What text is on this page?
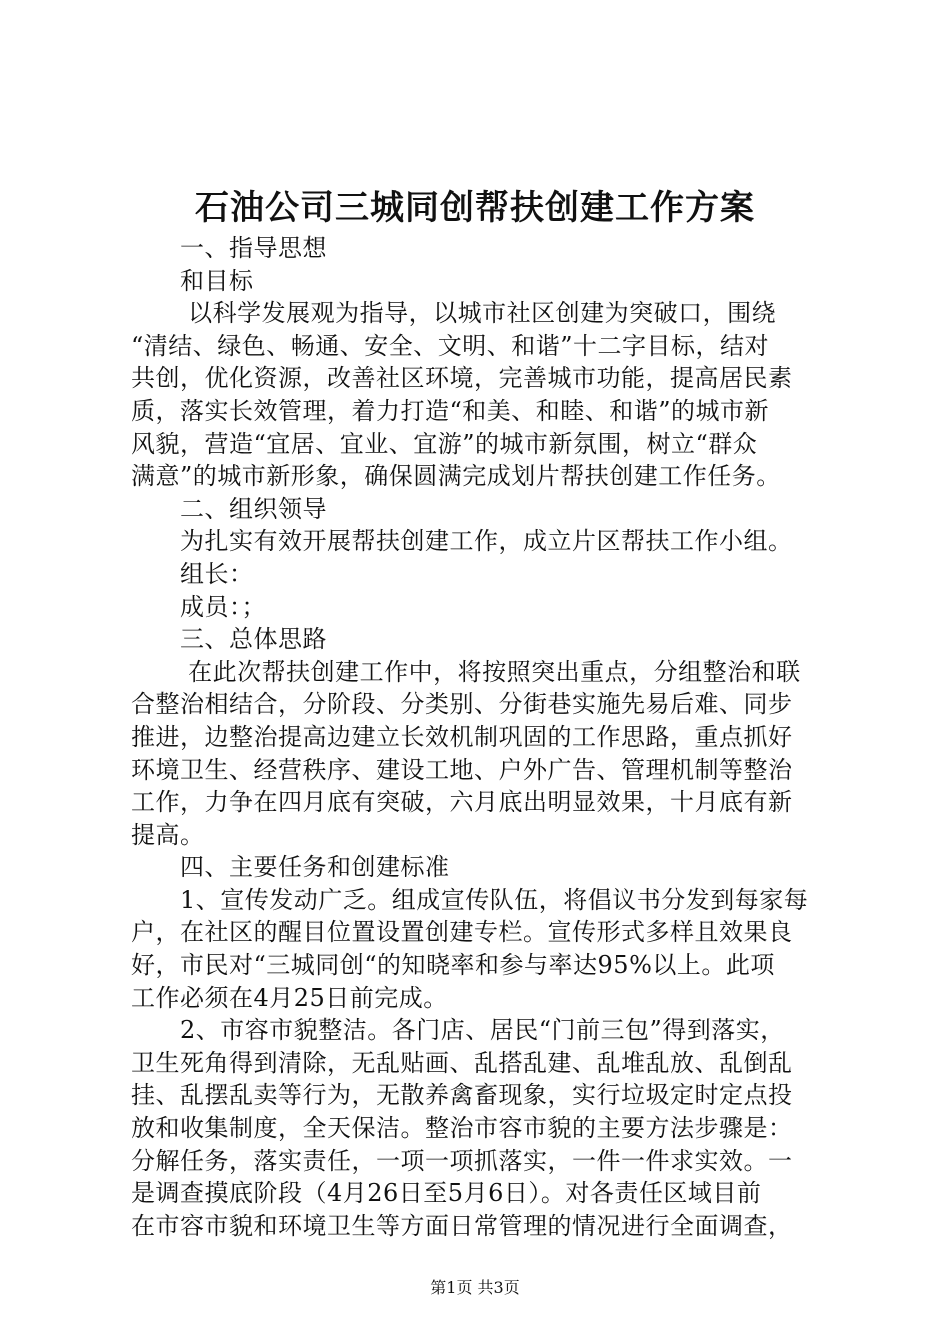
石油公司三城同创帮扶创建工作方案
　　一、指导思想
　　和目标
　　 以科学发展观为指导，以城市社区创建为突破口，围绕
“清结、绿色、畅通、安全、文明、和谐”十二字目标，结对
共创，优化资源，改善社区环境，完善城市功能，提高居民素
质，落实长效管理，着力打造“和美、和睦、和谐”的城市新
风貌，营造“宜居、宜业、宜游”的城市新氛围，树立“群众
满意”的城市新形象，确保圆满完成划片帮扶创建工作任务。
　　二、组织领导
　　为扎实有效开展帮扶创建工作，成立片区帮扶工作小组。
　　组长：
　　成员：；
　　三、总体思路
　　 在此次帮扶创建工作中，将按照突出重点，分组整治和联
合整治相结合，分阶段、分类别、分街巷实施先易后难、同步
推进，边整治提高边建立长效机制巩固的工作思路，重点抓好
环境卫生、经营秩序、建设工地、户外广告、管理机制等整治
工作，力争在四月底有突破，六月底出明显效果，十月底有新
提高。
　　四、主要任务和创建标准
　　1、宣传发动广乏。组成宣传队伍，将倡议书分发到每家每
户，在社区的醒目位置设置创建专栏。宣传形式多样且效果良
好，市民对“三城同创“的知晓率和参与率达95%以上。此项
工作必须在4月25日前完成。
　　2、市容市貌整洁。各门店、居民“门前三包”得到落实，
卫生死角得到清除，无乱贴画、乱搭乱建、乱堆乱放、乱倒乱
挂、乱摆乱卖等行为，无散养禽畜现象，实行垃圾定时定点投
放和收集制度，全天保洁。整治市容市貌的主要方法步骤是：
分解任务，落实责任，一项一项抓落实，一件一件求实效。一
是调查摸底阶段（4月26日至5月6日）。对各责任区域目前
在市容市貌和环境卫生等方面日常管理的情况进行全面调查，
第1页 共3页
